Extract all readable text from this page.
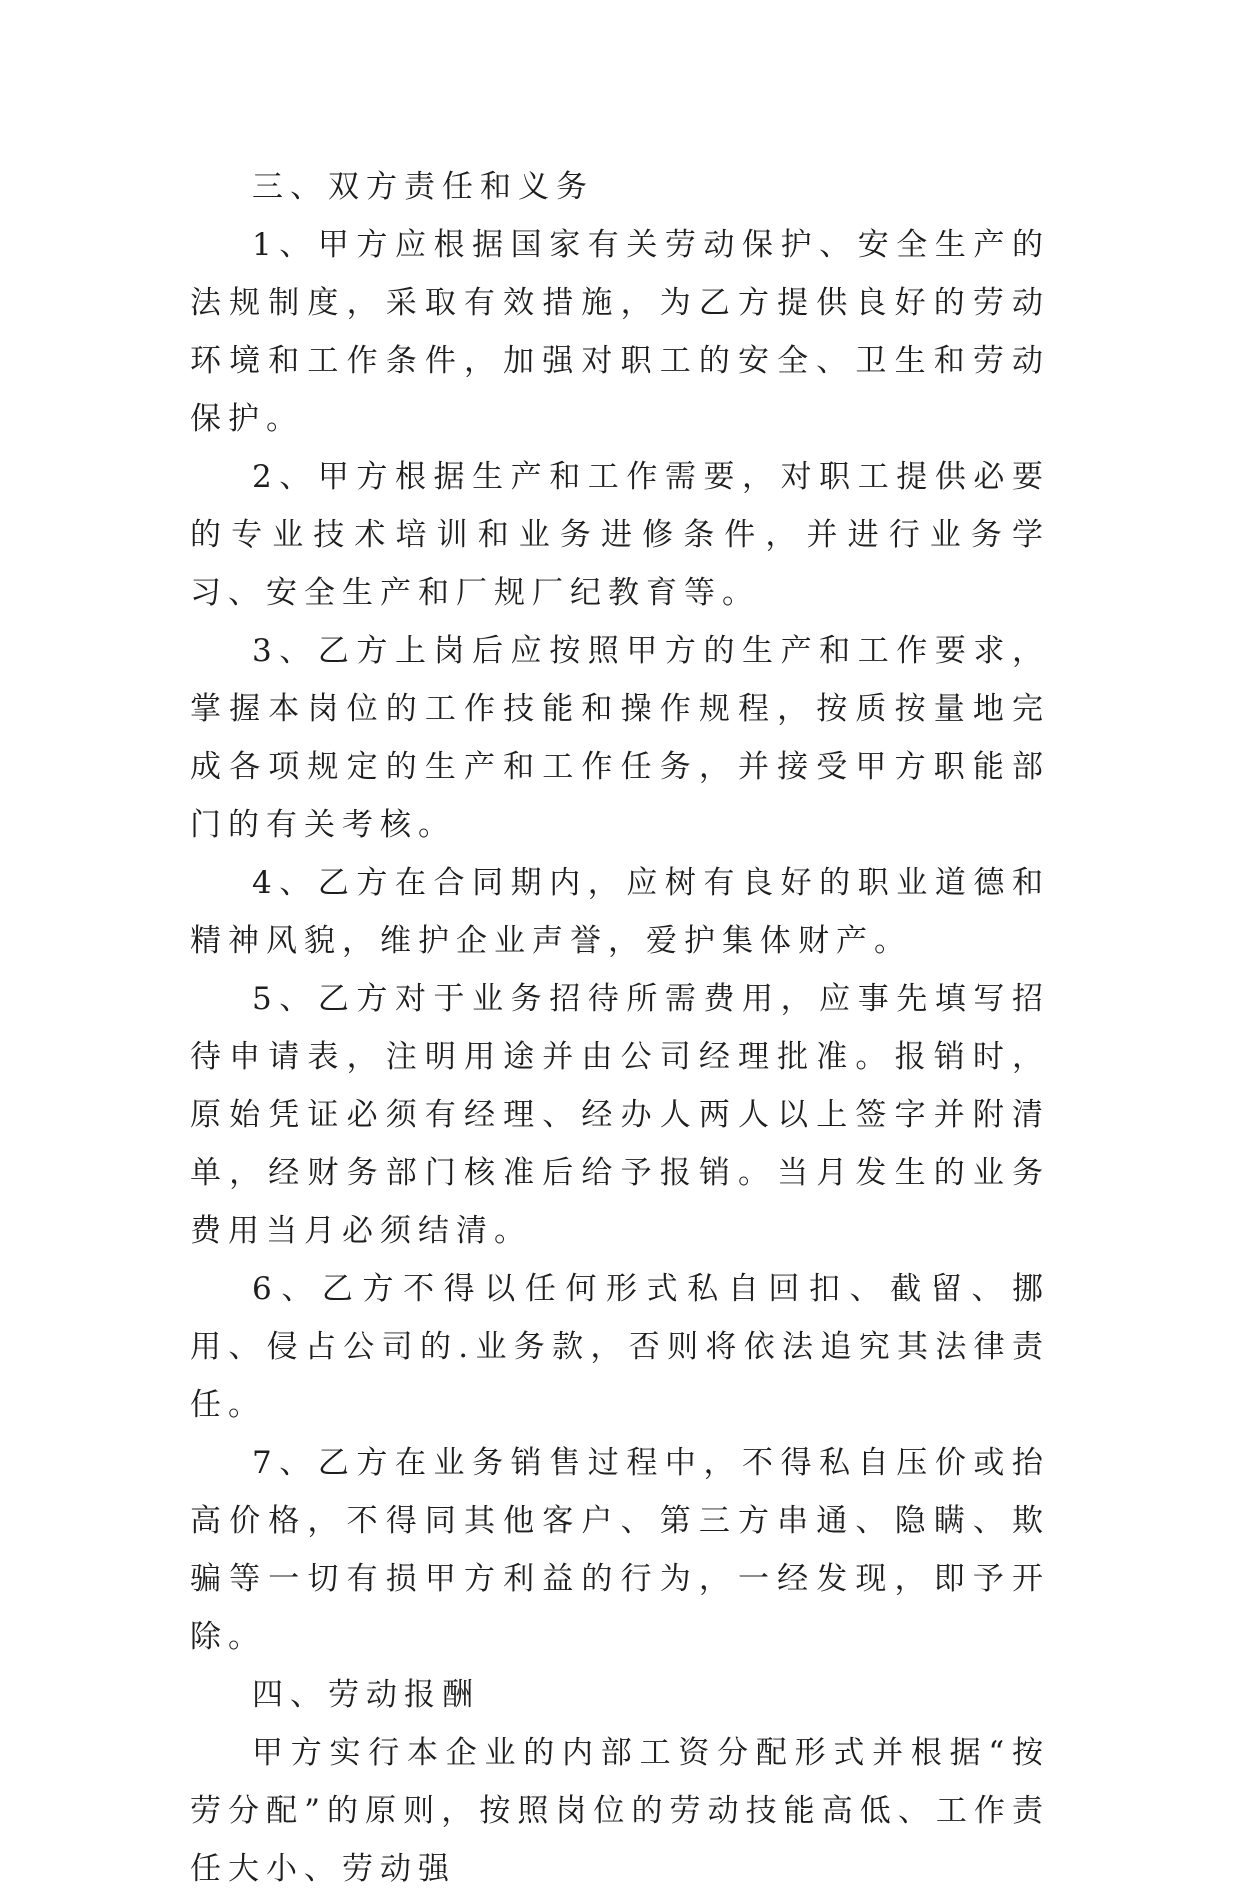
三、双方责任和义务

1、甲方应根据国家有关劳动保护、安全生产的法规制度，采取有效措施，为乙方提供良好的劳动环境和工作条件，加强对职工的安全、卫生和劳动保护。

2、甲方根据生产和工作需要，对职工提供必要的专业技术培训和业务进修条件，并进行业务学习、安全生产和厂规厂纪教育等。

3、乙方上岗后应按照甲方的生产和工作要求，掌握本岗位的工作技能和操作规程，按质按量地完成各项规定的生产和工作任务，并接受甲方职能部门的有关考核。

4、乙方在合同期内，应树有良好的职业道德和精神风貌，维护企业声誉，爱护集体财产。

5、乙方对于业务招待所需费用，应事先填写招待申请表，注明用途并由公司经理批准。报销时，原始凭证必须有经理、经办人两人以上签字并附清单，经财务部门核准后给予报销。当月发生的业务费用当月必须结清。

6、乙方不得以任何形式私自回扣、截留、挪用、侵占公司的.业务款，否则将依法追究其法律责任。

7、乙方在业务销售过程中，不得私自压价或抬高价格，不得同其他客户、第三方串通、隐瞒、欺骗等一切有损甲方利益的行为，一经发现，即予开除。

四、劳动报酬

甲方实行本企业的内部工资分配形式并根据“按劳分配”的原则，按照岗位的劳动技能高低、工作责任大小、劳动强
